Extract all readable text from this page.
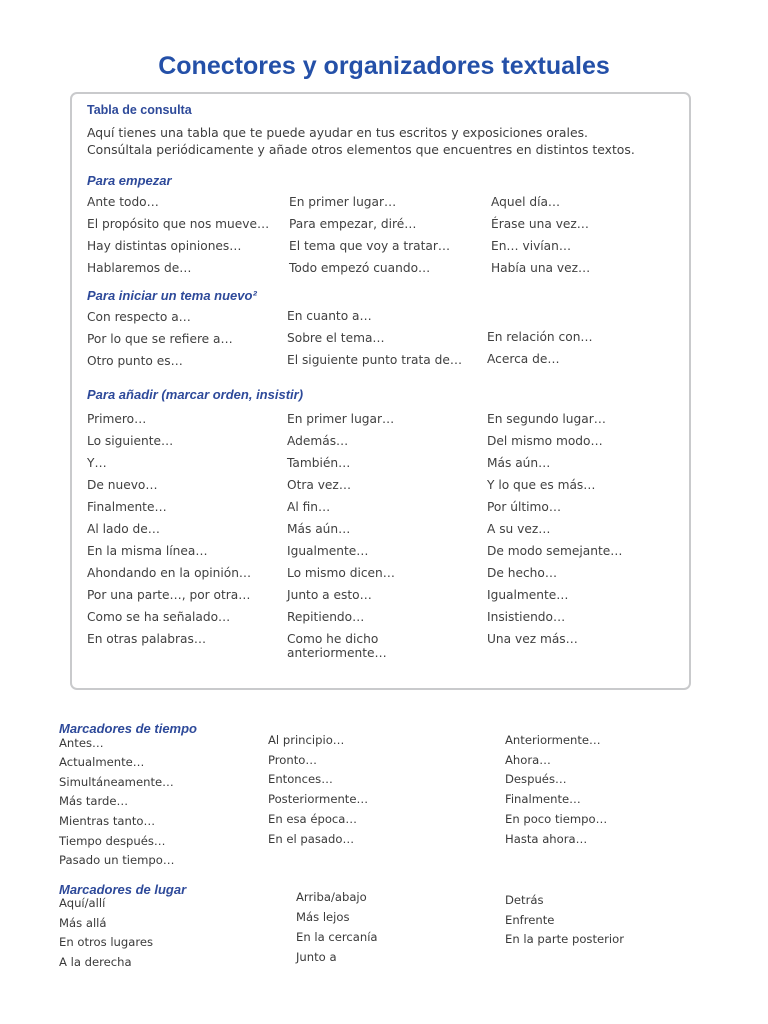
Conectores y organizadores textuales
Tabla de consulta
Aquí tienes una tabla que te puede ayudar en tus escritos y exposiciones orales.
Consúltala periódicamente y añade otros elementos que encuentres en distintos textos.
Para empezar
Para iniciar un tema nuevo²
Para añadir (marcar orden, insistir)
Marcadores de tiempo
Marcadores de lugar
Antes…
Actualmente…
Simultáneamente…
Más tarde…
Mientras tanto…
Tiempo después…
Pasado un tiempo…
Al principio…
Pronto…
Entonces…
Posteriormente…
En esa época…
En el pasado…
Anteriormente…
Ahora…
Después…
Finalmente…
En poco tiempo…
Hasta ahora…
Aquí/allí
Más allá
En otros lugares
A la derecha
Arriba/abajo
Más lejos
En la cercanía
Junto a
Detrás
Enfrente
En la parte posterior
Ante todo…
El propósito que nos mueve…
Hay distintas opiniones…
Hablaremos de…
En primer lugar…
Para empezar, diré…
El tema que voy a tratar…
Todo empezó cuando…
Aquel día…
Érase una vez…
En… vivían…
Había una vez…
Con respecto a…
Por lo que se refiere a…
Otro punto es…
En cuanto a…
Sobre el tema…
El siguiente punto trata de…
En relación con…
Acerca de…
Primero…
Lo siguiente…
Y…
De nuevo…
Finalmente…
Al lado de…
En la misma línea…
Ahondando en la opinión…
Por una parte…, por otra…
Como se ha señalado…
En otras palabras…
En primer lugar…
Además…
También…
Otra vez…
Al fin…
Más aún…
Igualmente…
Lo mismo dicen…
Junto a esto…
Repitiendo…
Como he dicho
anteriormente…
En segundo lugar…
Del mismo modo…
Más aún…
Y lo que es más…
Por último…
A su vez…
De modo semejante…
De hecho…
Igualmente…
Insistiendo…
Una vez más…
